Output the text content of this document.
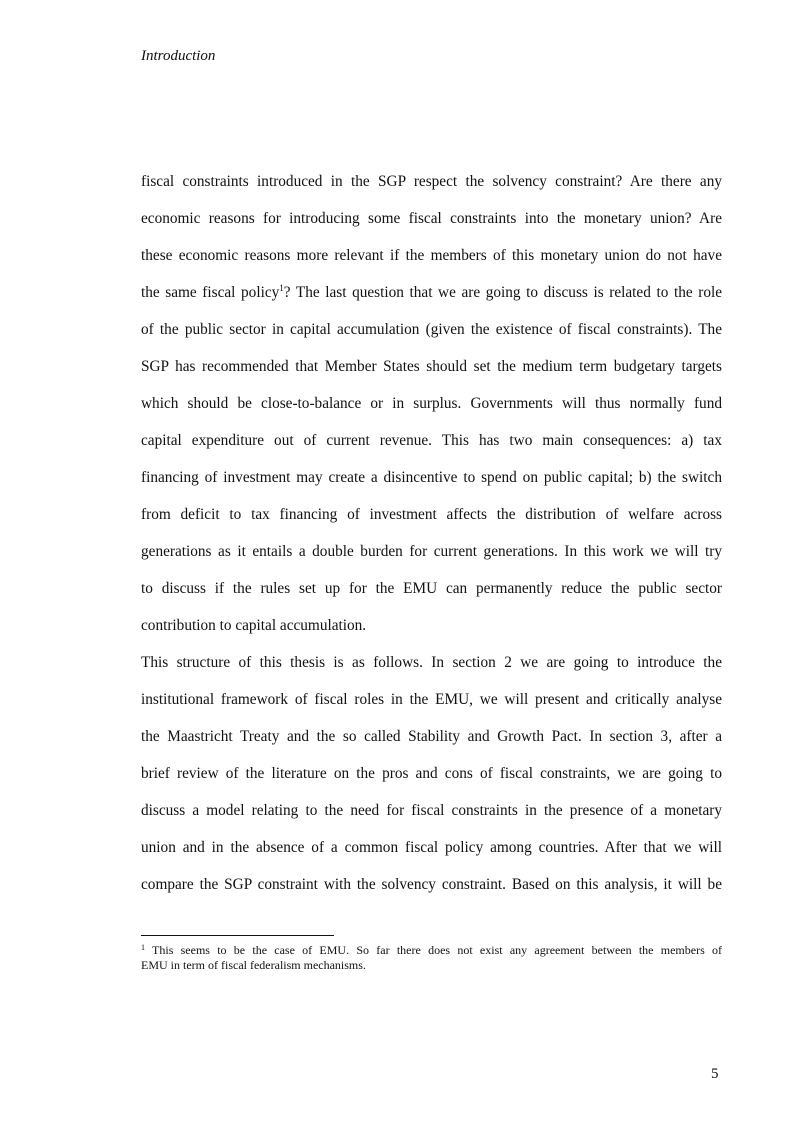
Introduction
fiscal constraints introduced in the SGP respect the solvency constraint? Are there any
economic reasons for introducing some fiscal constraints into the monetary union? Are
these economic reasons more relevant if the members of this monetary union do not have
the same fiscal policy$^1$? The last question that we are going to discuss is related to the role
of the public sector in capital accumulation (given the existence of fiscal constraints). The
SGP has recommended that Member States should set the medium term budgetary targets
which should be close-to-balance or in surplus. Governments will thus normally fund
capital expenditure out of current revenue. This has two main consequences: a) tax
financing of investment may create a disincentive to spend on public capital; b) the switch
from deficit to tax financing of investment affects the distribution of welfare across
generations as it entails a double burden for current generations. In this work we will try
to discuss if the rules set up for the EMU can permanently reduce the public sector
contribution to capital accumulation.
This structure of this thesis is as follows. In section 2 we are going to introduce the
institutional framework of fiscal roles in the EMU, we will present and critically analyse
the Maastricht Treaty and the so called Stability and Growth Pact. In section 3, after a
brief review of the literature on the pros and cons of fiscal constraints, we are going to
discuss a model relating to the need for fiscal constraints in the presence of a monetary
union and in the absence of a common fiscal policy among countries. After that we will
compare the SGP constraint with the solvency constraint. Based on this analysis, it will be
$^1$ This seems to be the case of EMU. So far there does not exist any agreement between the members of
EMU in term of fiscal federalism mechanisms.
5
